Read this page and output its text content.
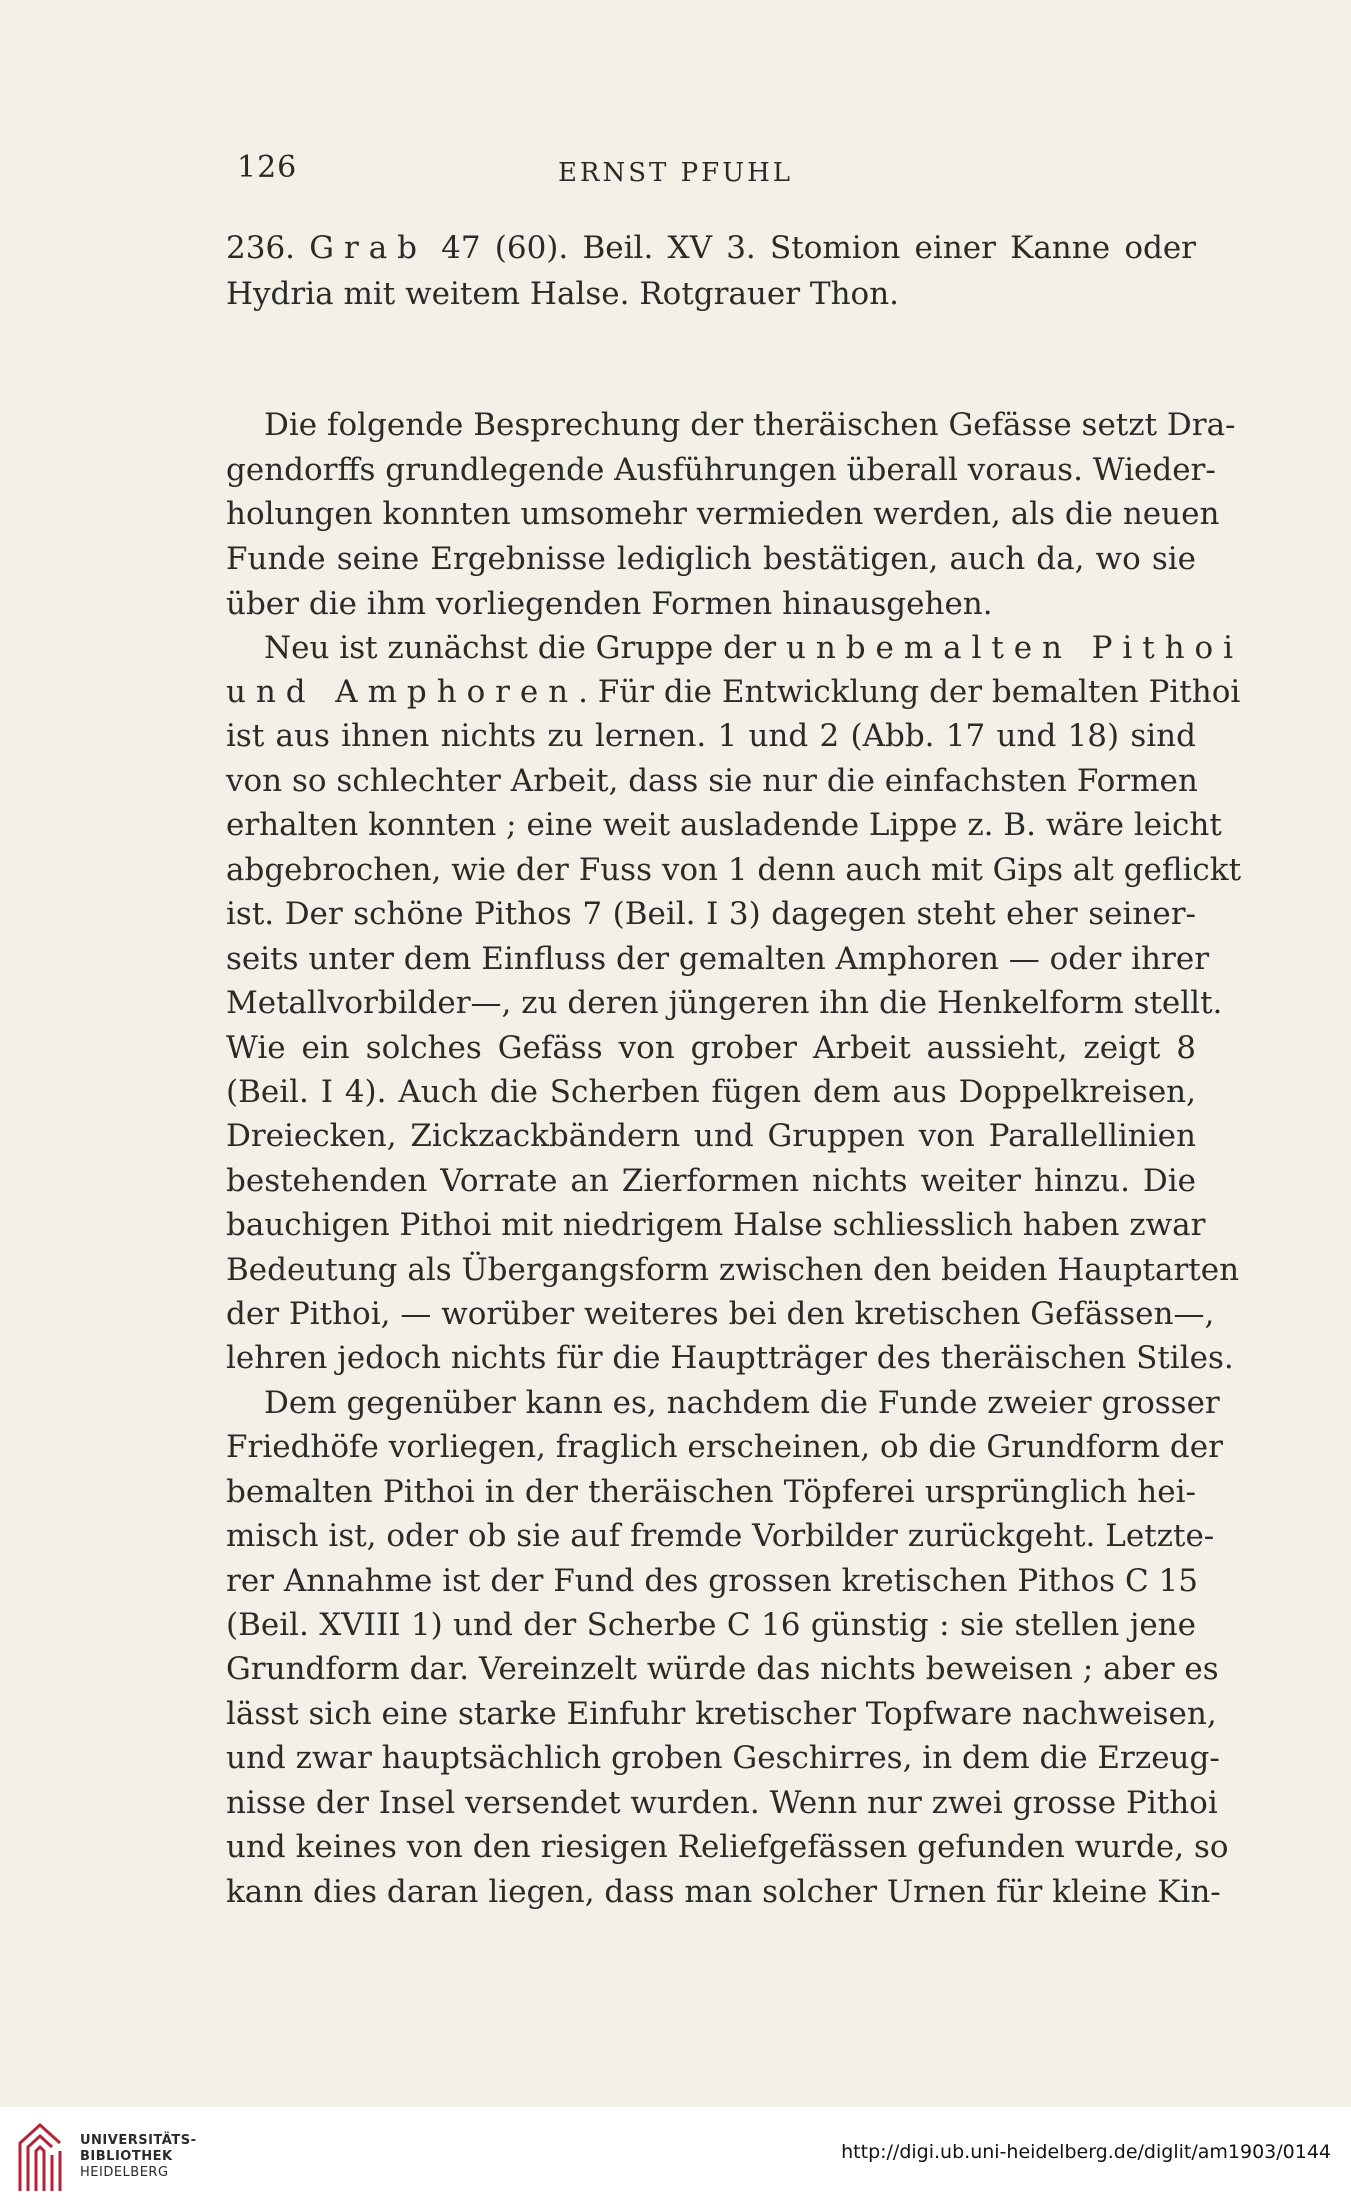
126	ERNST PFUHL
236. Grab 47 (60). Beil. XV 3. Stomion einer Kanne oder
Hydria mit weitem Halse. Rotgrauer Thon.
Die folgende Besprechung der theräischen Gefässe setzt Dra-
gendorffs grundlegende Ausführungen überall voraus. Wieder-
holungen konnten umsomehr vermieden werden, als die neuen
Funde seine Ergebnisse lediglich bestätigen, auch da, wo sie
über die ihm vorliegenden Formen hinausgehen.
Neu ist zunächst die Gruppe der unbemalten Pithoi
und Amphoren. Für die Entwicklung der bemalten Pithoi
ist aus ihnen nichts zu lernen. 1 und 2 (Abb. 17 und 18) sind
von so schlechter Arbeit, dass sie nur die einfachsten Formen
erhalten konnten ; eine weit ausladende Lippe z. B. wäre leicht
abgebrochen, wie der Fuss von 1 denn auch mit Gips alt geflickt
ist. Der schöne Pithos 7 (Beil. I 3) dagegen steht eher seiner-
seits unter dem Einfluss der gemalten Amphoren — oder ihrer
Metallvorbilder—, zu deren jüngeren ihn die Henkelform stellt.
Wie ein solches Gefäss von grober Arbeit aussieht, zeigt 8
(Beil. I 4). Auch die Scherben fügen dem aus Doppelkreisen,
Dreiecken, Zickzackbändern und Gruppen von Parallellinien
bestehenden Vorrate an Zierformen nichts weiter hinzu. Die
bauchigen Pithoi mit niedrigem Halse schliesslich haben zwar
Bedeutung als Übergangsform zwischen den beiden Hauptarten
der Pithoi, — worüber weiteres bei den kretischen Gefässen—,
lehren jedoch nichts für die Hauptträger des theräischen Stiles.
Dem gegenüber kann es, nachdem die Funde zweier grosser
Friedhöfe vorliegen, fraglich erscheinen, ob die Grundform der
bemalten Pithoi in der theräischen Töpferei ursprünglich hei-
misch ist, oder ob sie auf fremde Vorbilder zurückgeht. Letzte-
rer Annahme ist der Fund des grossen kretischen Pithos C 15
(Beil. XVIII 1) und der Scherbe C 16 günstig : sie stellen jene
Grundform dar. Vereinzelt würde das nichts beweisen ; aber es
lässt sich eine starke Einfuhr kretischer Topfware nachweisen,
und zwar hauptsächlich groben Geschirres, in dem die Erzeug-
nisse der Insel versendet wurden. Wenn nur zwei grosse Pithoi
und keines von den riesigen Reliefgefässen gefunden wurde, so
kann dies daran liegen, dass man solcher Urnen für kleine Kin-
UNIVERSITÄTS-
BIBLIOTHEK
HEIDELBERG
http://digi.ub.uni-heidelberg.de/diglit/am1903/0144
